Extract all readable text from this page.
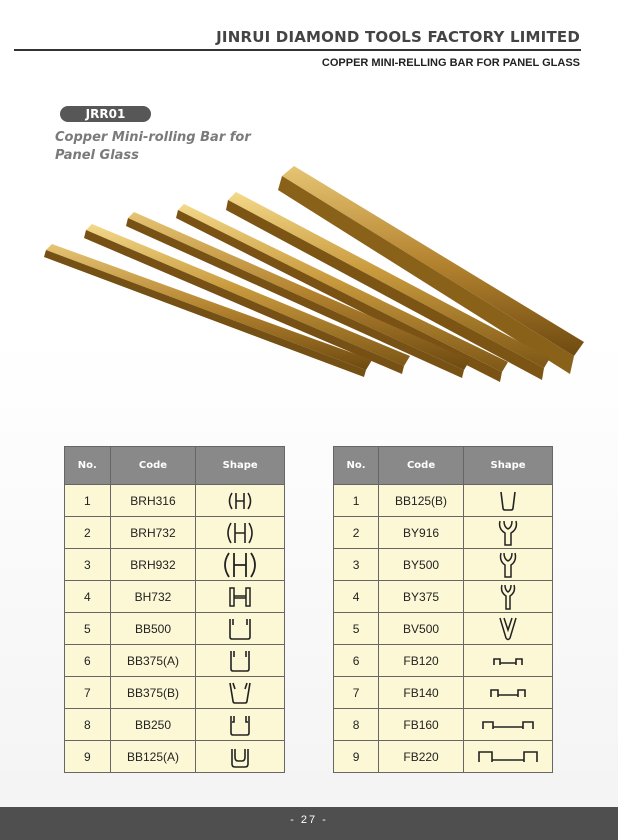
JINRUI DIAMOND TOOLS FACTORY LIMITED
COPPER MINI-RELLING BAR FOR PANEL GLASS
JRR01
Copper Mini-rolling Bar for Panel Glass
No.	Code	Shape
1	BRH316	
2	BRH732	
3	BRH932	
4	BH732	
5	BB500	
6	BB375(A)	
7	BB375(B)	
8	BB250	
9	BB125(A)	
No.	Code	Shape
1	BB125(B)	
2	BY916	
3	BY500	
4	BY375	
5	BV500	
6	FB120	
7	FB140	
8	FB160	
9	FB220	
- 27 -
